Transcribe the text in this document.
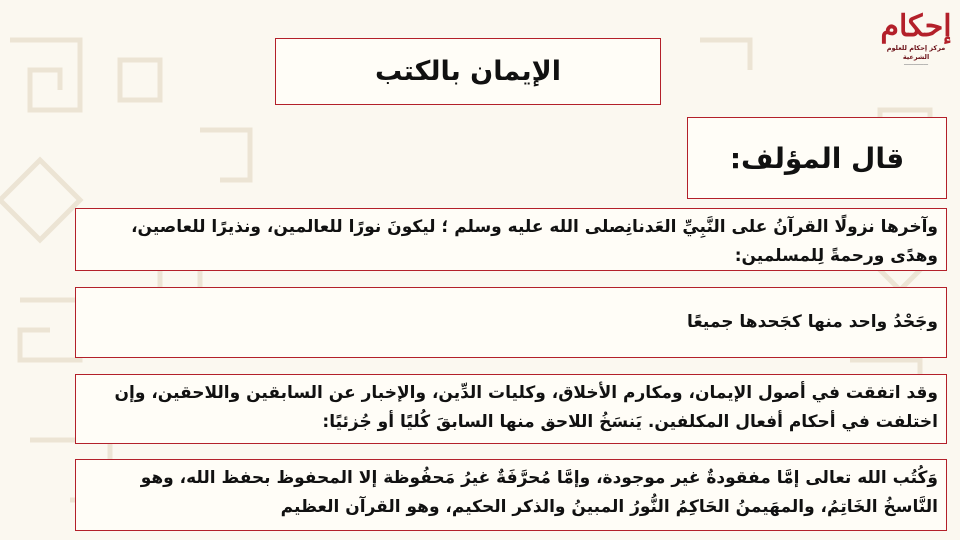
إحكام
مركز إحكام للعلوم الشرعية
━━━━━━━━━━
الإيمان بالكتب
قال المؤلف:
وآخرها نزولًا القرآنُ على النَّبِيِّ العَدنانِصلى الله عليه وسلم ؛ ليكونَ نورًا للعالمين، ونذيرًا للعاصين، وهدًى ورحمةً لِلمسلمين:
وجَحْدُ واحد منها كجَحدها جميعًا
وقد اتفقت في أصول الإيمان، ومكارم الأخلاق، وكليات الدِّين، والإخبار عن السابقين واللاحقين، وإن اختلفت في أحكام أفعال المكلفين. يَنسَخُ اللاحق منها السابقَ كُليًا أو جُزئيًا:
وَكُتُب الله تعالى إمَّا مفقودةٌ غير موجودة، وإمَّا مُحرَّفَةٌ غيرُ مَحفُوظة إلا المحفوظ بحفظ الله، وهو النَّاسخُ الخَاتِمُ، والمهَيمنُ الحَاكِمُ النُّورُ المبينُ والذكر الحكيم، وهو القرآن العظيم
